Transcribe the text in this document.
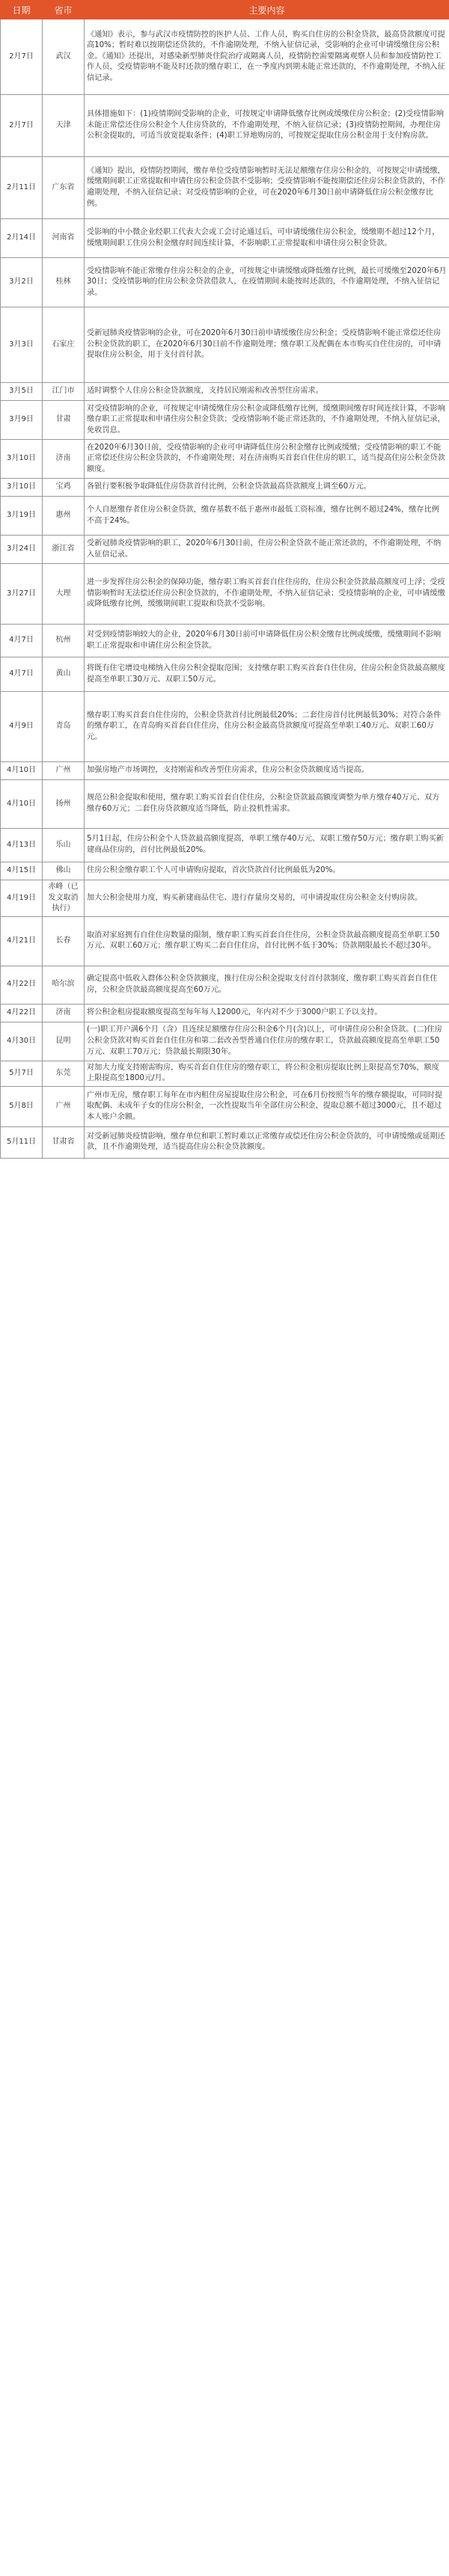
日期	省市	主要内容
2月7日	武汉	《通知》表示，参与武汉市疫情防控的医护人员、工作人员，购买自住房的公积金贷款，最高贷款额度可提高10%；暂时难以按期偿还贷款的，不作逾期处理，不纳入征信记录，受影响的企业可申请缓缴住房公积金。《通知》还提出，对感染新型肺炎住院治疗或隔离人员，疫情防控需要隔离观察人员和参加疫情防控工作人员，受疫情影响不能及时还款的缴存职工，在一季度内到期未能正常还款的，不作逾期处理，不纳入征信记录。
2月7日	天津	具体措施如下：(1)疫情期间受影响的企业，可按规定申请降低缴存比例或缓缴住房公积金；(2)受疫情影响未能正常偿还住房公积金个人住房贷款的，不作逾期处理，不纳入征信记录；(3)疫情防控期间，办理住房公积金提取的，可适当放宽提取条件；(4)职工异地购房的，可按规定提取住房公积金用于支付购房款。
2月11日	广东省	《通知》提出，疫情防控期间，缴存单位受疫情影响暂时无法足额缴存住房公积金的，可按规定申请缓缴，缓缴期间职工正常提取和申请住房公积金贷款不受影响；受疫情影响不能按期偿还住房公积金贷款的，不作逾期处理，不纳入征信记录；对受疫情影响的企业，可在2020年6月30日前申请降低住房公积金缴存比例。
2月14日	河南省	受影响的中小微企业经职工代表大会或工会讨论通过后，可申请缓缴住房公积金，缓缴期不超过12个月，缓缴期间职工住房公积金缴存时间连续计算，不影响职工正常提取和申请住房公积金贷款。
3月2日	桂林	受疫情影响不能正常缴存住房公积金的企业，可按规定申请缓缴或降低缴存比例，最长可缓缴至2020年6月30日；受疫情影响的住房公积金贷款借款人，在疫情期间未能按时还款的，不作逾期处理，不纳入征信记录。
3月3日	石家庄	受新冠肺炎疫情影响的企业，可在2020年6月30日前申请缓缴住房公积金；受疫情影响不能正常偿还住房公积金贷款的职工，在2020年6月30日前不作逾期处理；缴存职工及配偶在本市购买自住住房的，可申请提取住房公积金，用于支付首付款。
3月5日	江门市	适时调整个人住房公积金贷款额度，支持居民刚需和改善型住房需求。
3月9日	甘肃	对受疫情影响的企业，可按规定申请缓缴住房公积金或降低缴存比例，缓缴期间缴存时间连续计算，不影响缴存职工正常提取和申请住房公积金贷款；受疫情影响不能正常还款的，不作逾期处理，不纳入征信记录，免收罚息。
3月10日	济南	在2020年6月30日前，受疫情影响的企业可申请降低住房公积金缴存比例或缓缴；受疫情影响的职工不能正常偿还住房公积金贷款的，不作逾期处理；对在济南购买首套自住住房的职工，适当提高住房公积金贷款额度。
3月10日	宝鸡	各银行要积极争取降低住房贷款首付比例，公积金贷款最高贷款额度上调至60万元。
3月19日	惠州	个人自愿缴存者住房公积金贷款，缴存基数不低于惠州市最低工资标准，缴存比例不超过24%，缴存比例不高于24%。
3月24日	浙江省	受新冠肺炎疫情影响的职工，2020年6月30日前，住房公积金贷款不能正常还款的，不作逾期处理，不纳入征信记录。
3月27日	大理	进一步发挥住房公积金的保障功能，缴存职工购买首套自住住房的，住房公积金贷款最高额度可上浮；受疫情影响暂时无法偿还住房公积金贷款的，不作逾期处理，不纳入征信记录；受疫情影响的企业，可申请缓缴或降低缴存比例，缓缴期间职工提取和贷款不受影响。
4月7日	杭州	对受到疫情影响较大的企业，2020年6月30日前可申请降低住房公积金缴存比例或缓缴，缓缴期间不影响职工正常提取和申请住房公积金贷款。
4月7日	黄山	将既有住宅增设电梯纳入住房公积金提取范围；支持缴存职工购买首套自住住房，住房公积金贷款最高额度提高至单职工30万元、双职工50万元。
4月9日	青岛	缴存职工购买首套自住住房的，公积金贷款首付比例最低20%；二套住房首付比例最低30%；对符合条件的缴存职工，在青岛购买首套自住住房，住房公积金最高贷款额度可提高至单职工40万元、双职工60万元。
4月10日	广州	加强房地产市场调控，支持刚需和改善型住房需求，住房公积金贷款额度适当提高。
4月10日	扬州	规范公积金提取和使用，缴存职工购买首套自住住房，公积金贷款最高额度调整为单方缴存40万元、双方缴存60万元；二套住房贷款额度适当降低，防止投机性需求。
4月13日	乐山	5月1日起，住房公积金个人贷款最高额度提高，单职工缴存40万元、双职工缴存50万元；缴存职工购买新建商品住房的，首付比例最低20%。
4月15日	佛山	住房公积金缴存职工个人可申请购房提取，首次贷款首付比例最低为20%。
4月19日	赤峰（已发文取消执行）	加大公积金使用力度，购买新建商品住宅、进行存量房交易的，可申请提取住房公积金支付购房款。
4月21日	长春	取消对家庭拥有自住住房数量的限制，缴存职工购买首套自住住房，公积金贷款最高额度提高至单职工50万元、双职工60万元；缴存职工购买二套自住住房，首付比例不低于30%；贷款期限最长不超过30年。
4月22日	哈尔滨	确定提高中低收入群体公积金贷款额度，推行住房公积金提取支付首付款制度，缴存职工购买首套自住住房，公积金贷款最高额度提高至60万元。
4月22日	济南	将公积金租房提取额度提高至每年每人12000元，年内对不少于3000户职工予以支持。
4月30日	昆明	(一)职工开户满6个月（含）且连续足额缴存住房公积金6个月(含)以上，可申请住房公积金贷款。(二)住房公积金贷款对购买首套自住住房和第二套改善型普通自住住房的缴存职工，贷款最高额度提高至单职工50万元、双职工70万元；贷款最长期限30年。
5月7日	东莞	对加大力度支持刚需购房，购买首套自住住房的缴存职工，将公积金租房提取比例上限提高至70%，额度上限提高至1800元/月。
5月8日	广州	广州市无房，缴存职工每年在市内租住房屋提取住房公积金，可在6月份按照当年的缴存额提取，可同时提取配偶、未成年子女的住房公积金，一次性提取当年全部住房公积金，提取总额不超过3000元，且不超过本人账户余额。
5月11日	甘肃省	对受新冠肺炎疫情影响，缴存单位和职工暂时难以正常缴存或偿还住房公积金贷款的，可申请缓缴或延期还款，且不作逾期处理，适当提高住房公积金贷款额度。
